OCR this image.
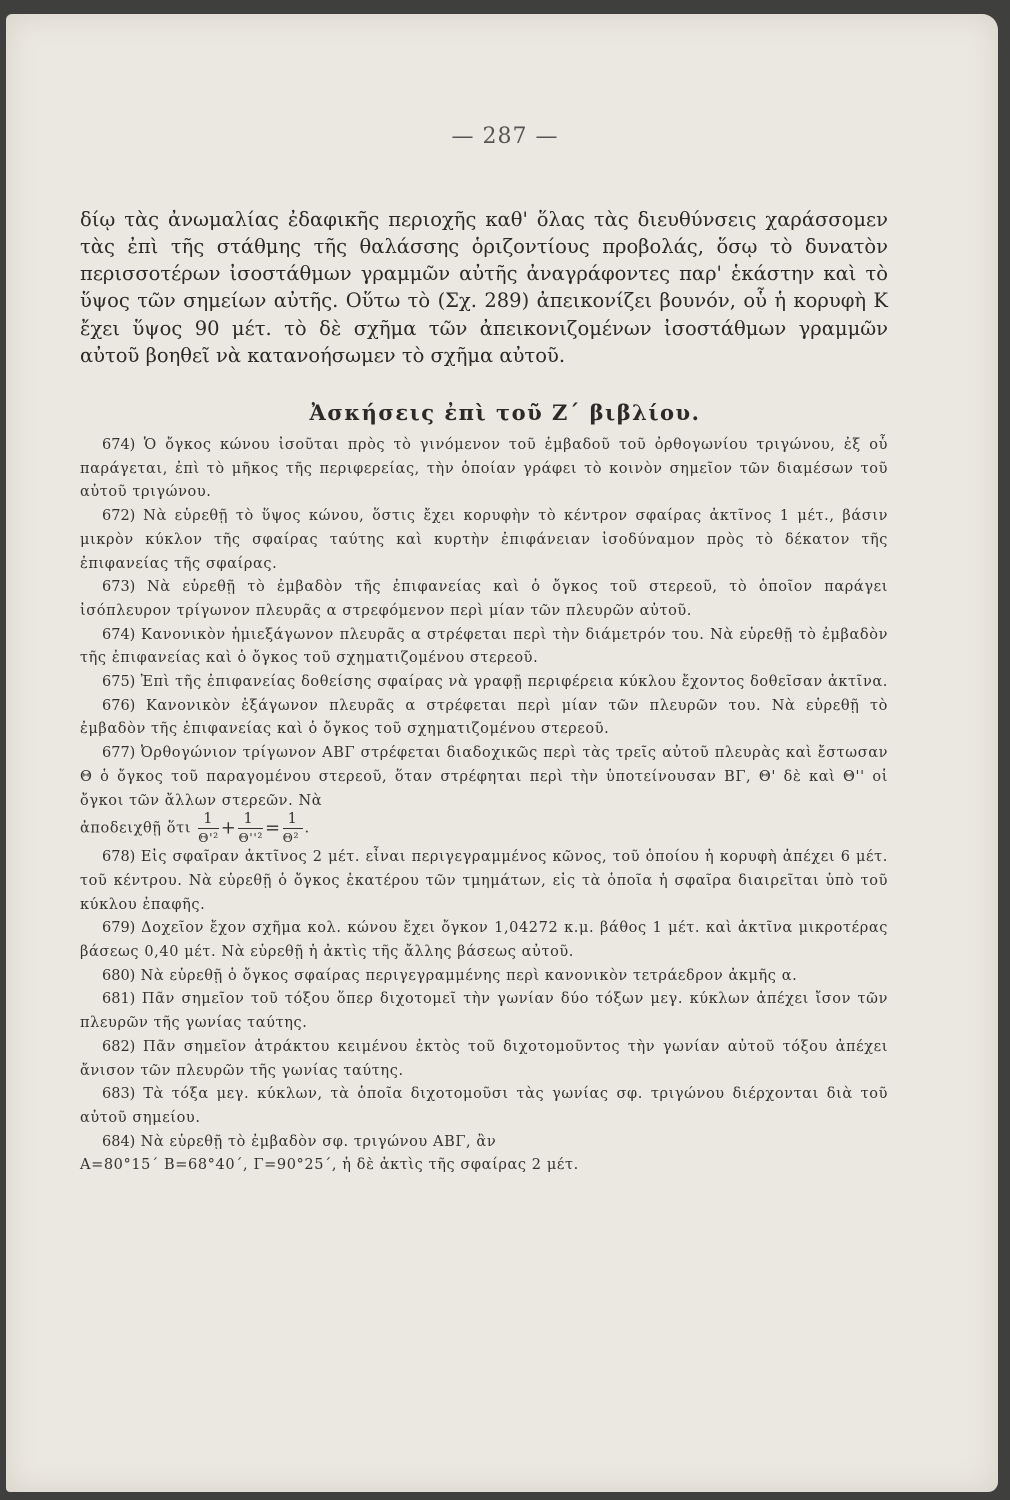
— 287 —

δίῳ τὰς ἀνωμαλίας ἐδαφικῆς περιοχῆς καθ' ὅλας τὰς διευθύνσεις χαράσσομεν τὰς ἐπὶ τῆς στάθμης τῆς θαλάσσης ὁριζοντίους προβολάς, ὅσῳ τὸ δυνατὸν περισσοτέρων ἰσοστάθμων γραμμῶν αὐτῆς ἀναγράφοντες παρ' ἑκάστην καὶ τὸ ὕψος τῶν σημείων αὐτῆς. Οὕτω τὸ (Σχ. 289) ἀπεικονίζει βουνόν, οὗ ἡ κορυφὴ Κ ἔχει ὕψος 90 μέτ. τὸ δὲ σχῆμα τῶν ἀπεικονιζομένων ἰσοστάθμων γραμμῶν αὐτοῦ βοηθεῖ νὰ κατανοήσωμεν τὸ σχῆμα αὐτοῦ.

Ἀσκήσεις ἐπὶ τοῦ Ζ΄ βιβλίου.

674) Ὁ ὄγκος κώνου ἰσοῦται πρὸς τὸ γινόμενον τοῦ ἐμβαδοῦ τοῦ ὀρθογωνίου τριγώνου, ἐξ οὗ παράγεται, ἐπὶ τὸ μῆκος τῆς περιφερείας, τὴν ὁποίαν γράφει τὸ κοινὸν σημεῖον τῶν διαμέσων τοῦ αὐτοῦ τριγώνου.

672) Νὰ εὑρεθῇ τὸ ὕψος κώνου, ὅστις ἔχει κορυφὴν τὸ κέντρον σφαίρας ἀκτῖνος 1 μέτ., βάσιν μικρὸν κύκλον τῆς σφαίρας ταύτης καὶ κυρτὴν ἐπιφάνειαν ἰσοδύναμον πρὸς τὸ δέκατον τῆς ἐπιφανείας τῆς σφαίρας.

673) Νὰ εὑρεθῇ τὸ ἐμβαδὸν τῆς ἐπιφανείας καὶ ὁ ὄγκος τοῦ στερεοῦ, τὸ ὁποῖον παράγει ἰσόπλευρον τρίγωνον πλευρᾶς α στρεφόμενον περὶ μίαν τῶν πλευρῶν αὐτοῦ.

674) Κανονικὸν ἡμιεξάγωνον πλευρᾶς α στρέφεται περὶ τὴν διάμετρόν του. Νὰ εὑρεθῇ τὸ ἐμβαδὸν τῆς ἐπιφανείας καὶ ὁ ὄγκος τοῦ σχηματιζομένου στερεοῦ.

675) Ἐπὶ τῆς ἐπιφανείας δοθείσης σφαίρας νὰ γραφῇ περιφέρεια κύκλου ἔχοντος δοθεῖσαν ἀκτῖνα.

676) Κανονικὸν ἑξάγωνον πλευρᾶς α στρέφεται περὶ μίαν τῶν πλευρῶν του. Νὰ εὑρεθῇ τὸ ἐμβαδὸν τῆς ἐπιφανείας καὶ ὁ ὄγκος τοῦ σχηματιζομένου στερεοῦ.

677) Ὀρθογώνιον τρίγωνον ΑΒΓ στρέφεται διαδοχικῶς περὶ τὰς τρεῖς αὐτοῦ πλευρὰς καὶ ἔστωσαν Θ ὁ ὄγκος τοῦ παραγομένου στερεοῦ, ὅταν στρέφηται περὶ τὴν ὑποτείνουσαν ΒΓ, Θ' δὲ καὶ Θ'' οἱ ὄγκοι τῶν ἄλλων στερεῶν. Νὰ
ἀποδειχθῇ ὅτι $\frac{1}{\text{Θ'²}} + \frac{1}{\text{Θ''²}} = \frac{1}{\text{Θ²}}$ .

678) Εἰς σφαῖραν ἀκτῖνος 2 μέτ. εἶναι περιγεγραμμένος κῶνος, τοῦ ὁποίου ἡ κορυφὴ ἀπέχει 6 μέτ. τοῦ κέντρου. Νὰ εὑρεθῇ ὁ ὄγκος ἑκατέρου τῶν τμημάτων, εἰς τὰ ὁποῖα ἡ σφαῖρα διαιρεῖται ὑπὸ τοῦ κύκλου ἐπαφῆς.

679) Δοχεῖον ἔχον σχῆμα κολ. κώνου ἔχει ὄγκον 1,04272 κ.μ. βάθος 1 μέτ. καὶ ἀκτῖνα μικροτέρας βάσεως 0,40 μέτ. Νὰ εὑρεθῇ ἡ ἀκτὶς τῆς ἄλλης βάσεως αὐτοῦ.

680) Νὰ εὑρεθῇ ὁ ὄγκος σφαίρας περιγεγραμμένης περὶ κανονικὸν τετράεδρον ἀκμῆς α.

681) Πᾶν σημεῖον τοῦ τόξου ὅπερ διχοτομεῖ τὴν γωνίαν δύο τόξων μεγ. κύκλων ἀπέχει ἴσον τῶν πλευρῶν τῆς γωνίας ταύτης.

682) Πᾶν σημεῖον ἀτράκτου κειμένου ἐκτὸς τοῦ διχοτομοῦντος τὴν γωνίαν αὐτοῦ τόξου ἀπέχει ἄνισον τῶν πλευρῶν τῆς γωνίας ταύτης.

683) Τὰ τόξα μεγ. κύκλων, τὰ ὁποῖα διχοτομοῦσι τὰς γωνίας σφ. τριγώνου διέρχονται διὰ τοῦ αὐτοῦ σημείου.

684) Νὰ εὑρεθῇ τὸ ἐμβαδὸν σφ. τριγώνου ΑΒΓ, ἂν
Α=80°15΄ Β=68°40΄, Γ=90°25΄, ἡ δὲ ἀκτὶς τῆς σφαίρας 2 μέτ.
